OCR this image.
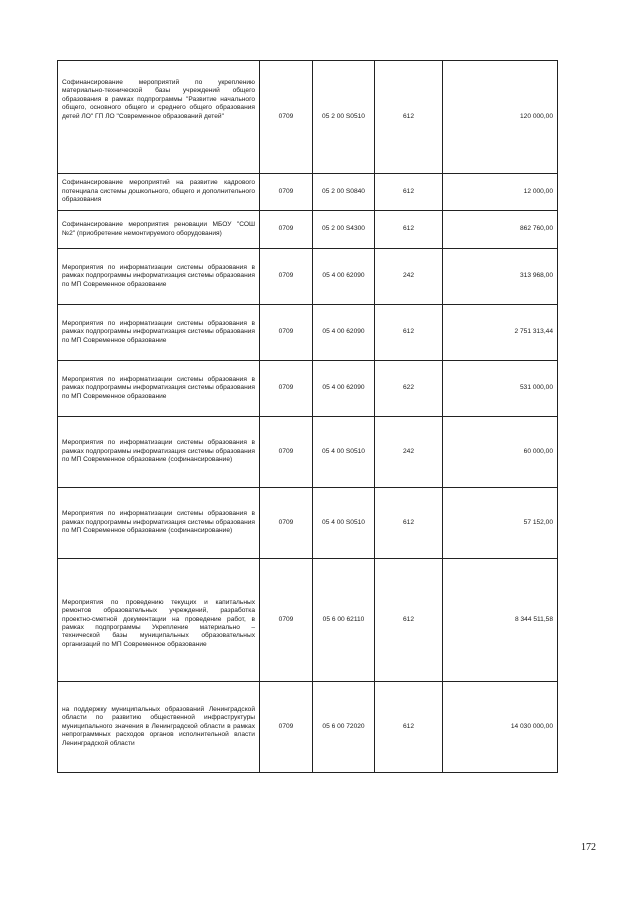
Софинансирование мероприятий по укреплению материально-технической базы учреждений общего образования в рамках подпрограммы "Развитие начального общего, основного общего и среднего общего образования детей ЛО" ГП ЛО "Современное образований детей"	0709	05 2 00 S0510	612	120 000,00
Софинансирование мероприятий на развитие кадрового потенциала системы дошкольного, общего и дополнительного образования	0709	05 2 00 S0840	612	12 000,00
Софинансирование мероприятия реновации МБОУ "СОШ №2" (приобретение немонтируемого оборудования)	0709	05 2 00 S4300	612	862 760,00
Мероприятия по информатизации системы образования в рамках подпрограммы информатизация системы образования по МП Современное образование	0709	05 4 00 62090	242	313 968,00
Мероприятия по информатизации системы образования в рамках подпрограммы информатизация системы образования по МП Современное образование	0709	05 4 00 62090	612	2 751 313,44
Мероприятия по информатизации системы образования в рамках подпрограммы информатизация системы образования по МП Современное образование	0709	05 4 00 62090	622	531 000,00
Мероприятия по информатизации системы образования в рамках подпрограммы информатизация системы образования по МП Современное образование (софинансирование)	0709	05 4 00 S0510	242	60 000,00
Мероприятия по информатизации системы образования в рамках подпрограммы информатизация системы образования по МП Современное образование (софинансирование)	0709	05 4 00 S0510	612	57 152,00
Мероприятия по проведению текущих и капитальных ремонтов образовательных учреждений, разработка проектно-сметной документации на проведение работ, в рамках подпрограммы Укрепление материально – технической базы муниципальных образовательных организаций по МП Современное образование	0709	05 6 00 62110	612	8 344 511,58
на поддержку муниципальных образований Ленинградской области по развитию общественной инфраструктуры муниципального значения в Ленинградской области в рамках непрограммных расходов органов исполнительной власти Ленинградской области	0709	05 6 00 72020	612	14 030 000,00
172
